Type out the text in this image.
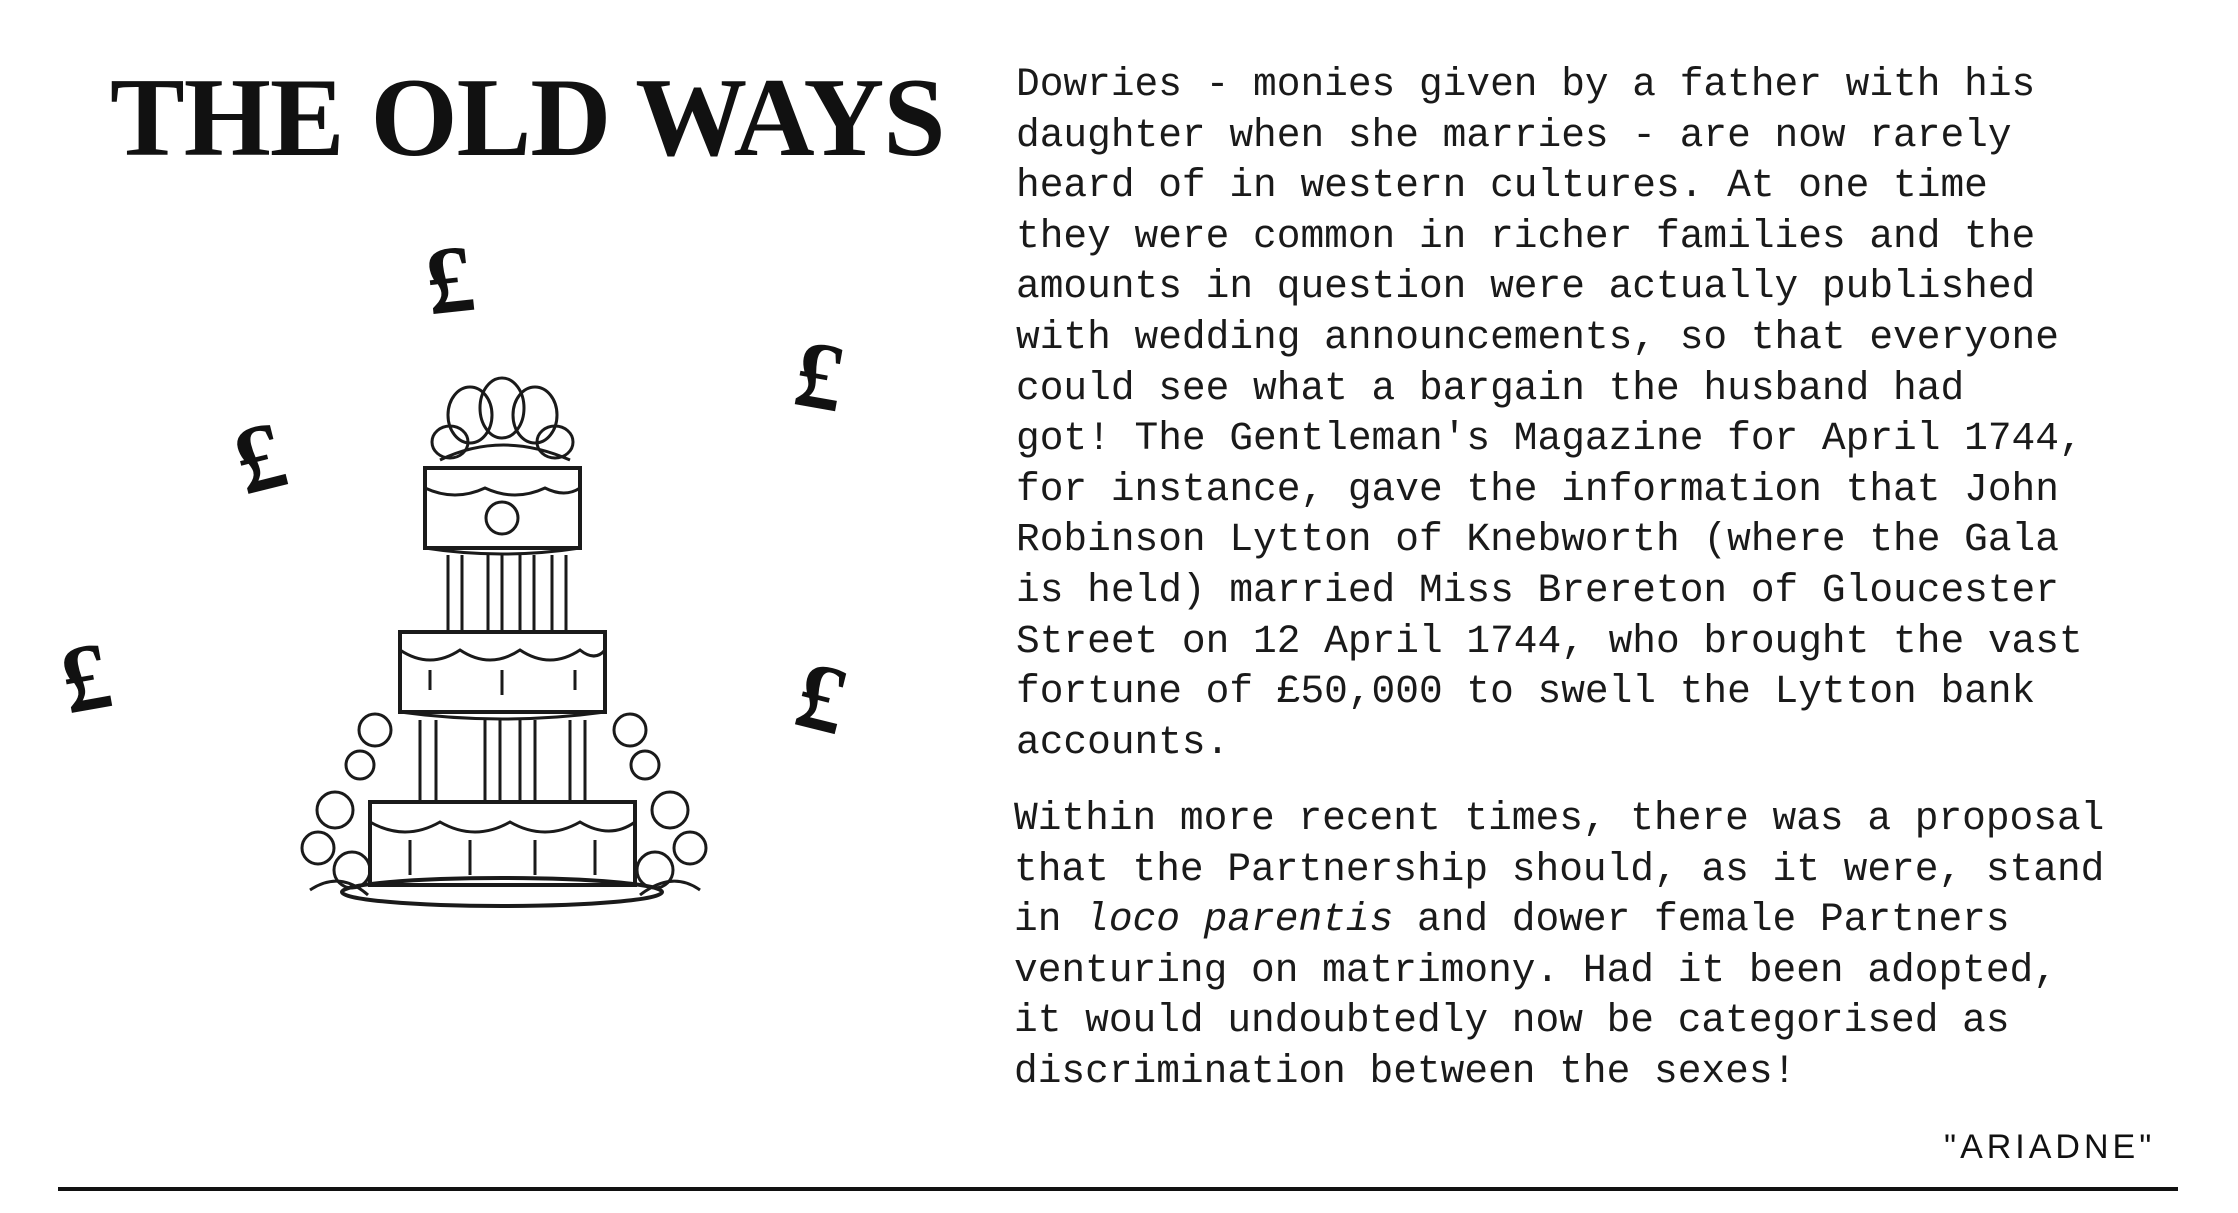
THE OLD WAYS
£
£
£
£	£
Dowries - monies given by a father with his
daughter when she marries - are now rarely
heard of in western cultures. At one time
they were common in richer families and the
amounts in question were actually published
with wedding announcements, so that everyone
could see what a bargain the husband had
got! The Gentleman's Magazine for April 1744,
for instance, gave the information that John
Robinson Lytton of Knebworth (where the Gala
is held) married Miss Brereton of Gloucester
Street on 12 April 1744, who brought the vast
fortune of £50,000 to swell the Lytton bank
accounts.
Within more recent times, there was a proposal
that the Partnership should, as it were, stand
in loco parentis and dower female Partners
venturing on matrimony. Had it been adopted,
it would undoubtedly now be categorised as
discrimination between the sexes!
"ARIADNE"
